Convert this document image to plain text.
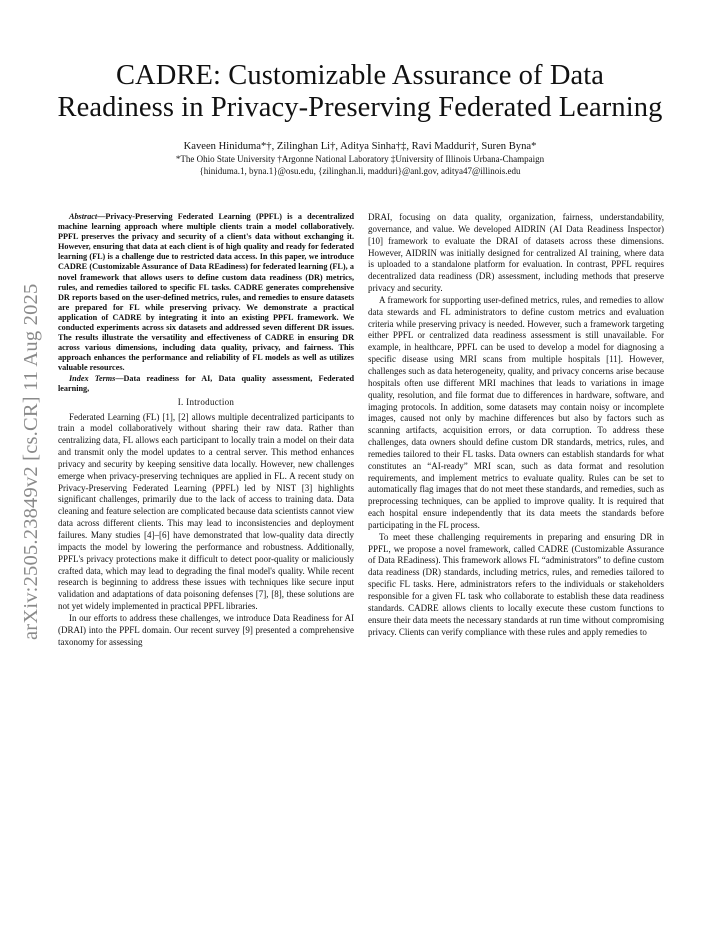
arXiv:2505.23849v2 [cs.CR] 11 Aug 2025
CADRE: Customizable Assurance of Data
Readiness in Privacy-Preserving Federated Learning
Kaveen Hiniduma*†, Zilinghan Li†, Aditya Sinha†‡, Ravi Madduri†, Suren Byna*
*The Ohio State University †Argonne National Laboratory ‡University of Illinois Urbana-Champaign
{hiniduma.1, byna.1}@osu.edu, {zilinghan.li, madduri}@anl.gov, aditya47@illinois.edu

Abstract—Privacy-Preserving Federated Learning (PPFL) is a decentralized machine learning approach where multiple clients train a model collaboratively. PPFL preserves the privacy and security of a client's data without exchanging it. However, ensuring that data at each client is of high quality and ready for federated learning (FL) is a challenge due to restricted data access. In this paper, we introduce CADRE (Customizable Assurance of Data REadiness) for federated learning (FL), a novel framework that allows users to define custom data readiness (DR) metrics, rules, and remedies tailored to specific FL tasks. CADRE generates comprehensive DR reports based on the user-defined metrics, rules, and remedies to ensure datasets are prepared for FL while preserving privacy. We demonstrate a practical application of CADRE by integrating it into an existing PPFL framework. We conducted experiments across six datasets and addressed seven different DR issues. The results illustrate the versatility and effectiveness of CADRE in ensuring DR across various dimensions, including data quality, privacy, and fairness. This approach enhances the performance and reliability of FL models as well as utilizes valuable resources.

Index Terms—Data readiness for AI, Data quality assessment, Federated learning,

I. Introduction

Federated Learning (FL) [1], [2] allows multiple decentralized participants to train a model collaboratively without sharing their raw data. Rather than centralizing data, FL allows each participant to locally train a model on their data and transmit only the model updates to a central server. This method enhances privacy and security by keeping sensitive data locally. However, new challenges emerge when privacy-preserving techniques are applied in FL. A recent study on Privacy-Preserving Federated Learning (PPFL) led by NIST [3] highlights significant challenges, primarily due to the lack of access to training data. Data cleaning and feature selection are complicated because data scientists cannot view data across different clients. This may lead to inconsistencies and deployment failures. Many studies [4]–[6] have demonstrated that low-quality data directly impacts the model by lowering the performance and robustness. Additionally, PPFL's privacy protections make it difficult to detect poor-quality or maliciously crafted data, which may lead to degrading the final model's quality. While recent research is beginning to address these issues with techniques like secure input validation and adaptations of data poisoning defenses [7], [8], these solutions are not yet widely implemented in practical PPFL libraries.

In our efforts to address these challenges, we introduce Data Readiness for AI (DRAI) into the PPFL domain. Our recent survey [9] presented a comprehensive taxonomy for assessing

DRAI, focusing on data quality, organization, fairness, understandability, governance, and value. We developed AIDRIN (AI Data Readiness Inspector) [10] framework to evaluate the DRAI of datasets across these dimensions. However, AIDRIN was initially designed for centralized AI training, where data is uploaded to a standalone platform for evaluation. In contrast, PPFL requires decentralized data readiness (DR) assessment, including methods that preserve privacy and security.

A framework for supporting user-defined metrics, rules, and remedies to allow data stewards and FL administrators to define custom metrics and evaluation criteria while preserving privacy is needed. However, such a framework targeting either PPFL or centralized data readiness assessment is still unavailable. For example, in healthcare, PPFL can be used to develop a model for diagnosing a specific disease using MRI scans from multiple hospitals [11]. However, challenges such as data heterogeneity, quality, and privacy concerns arise because hospitals often use different MRI machines that leads to variations in image quality, resolution, and file format due to differences in hardware, software, and imaging protocols. In addition, some datasets may contain noisy or incomplete images, caused not only by machine differences but also by factors such as scanning artifacts, acquisition errors, or data corruption. To address these challenges, data owners should define custom DR standards, metrics, rules, and remedies tailored to their FL tasks. Data owners can establish standards for what constitutes an “AI-ready” MRI scan, such as data format and resolution requirements, and implement metrics to evaluate quality. Rules can be set to automatically flag images that do not meet these standards, and remedies, such as preprocessing techniques, can be applied to improve quality. It is required that each hospital ensure independently that its data meets the standards before participating in the FL process.

To meet these challenging requirements in preparing and ensuring DR in PPFL, we propose a novel framework, called CADRE (Customizable Assurance of Data REadiness). This framework allows FL “administrators” to define custom data readiness (DR) standards, including metrics, rules, and remedies tailored to specific FL tasks. Here, administrators refers to the individuals or stakeholders responsible for a given FL task who collaborate to establish these data readiness standards. CADRE allows clients to locally execute these custom functions to ensure their data meets the necessary standards at run time without compromising privacy. Clients can verify compliance with these rules and apply remedies to
